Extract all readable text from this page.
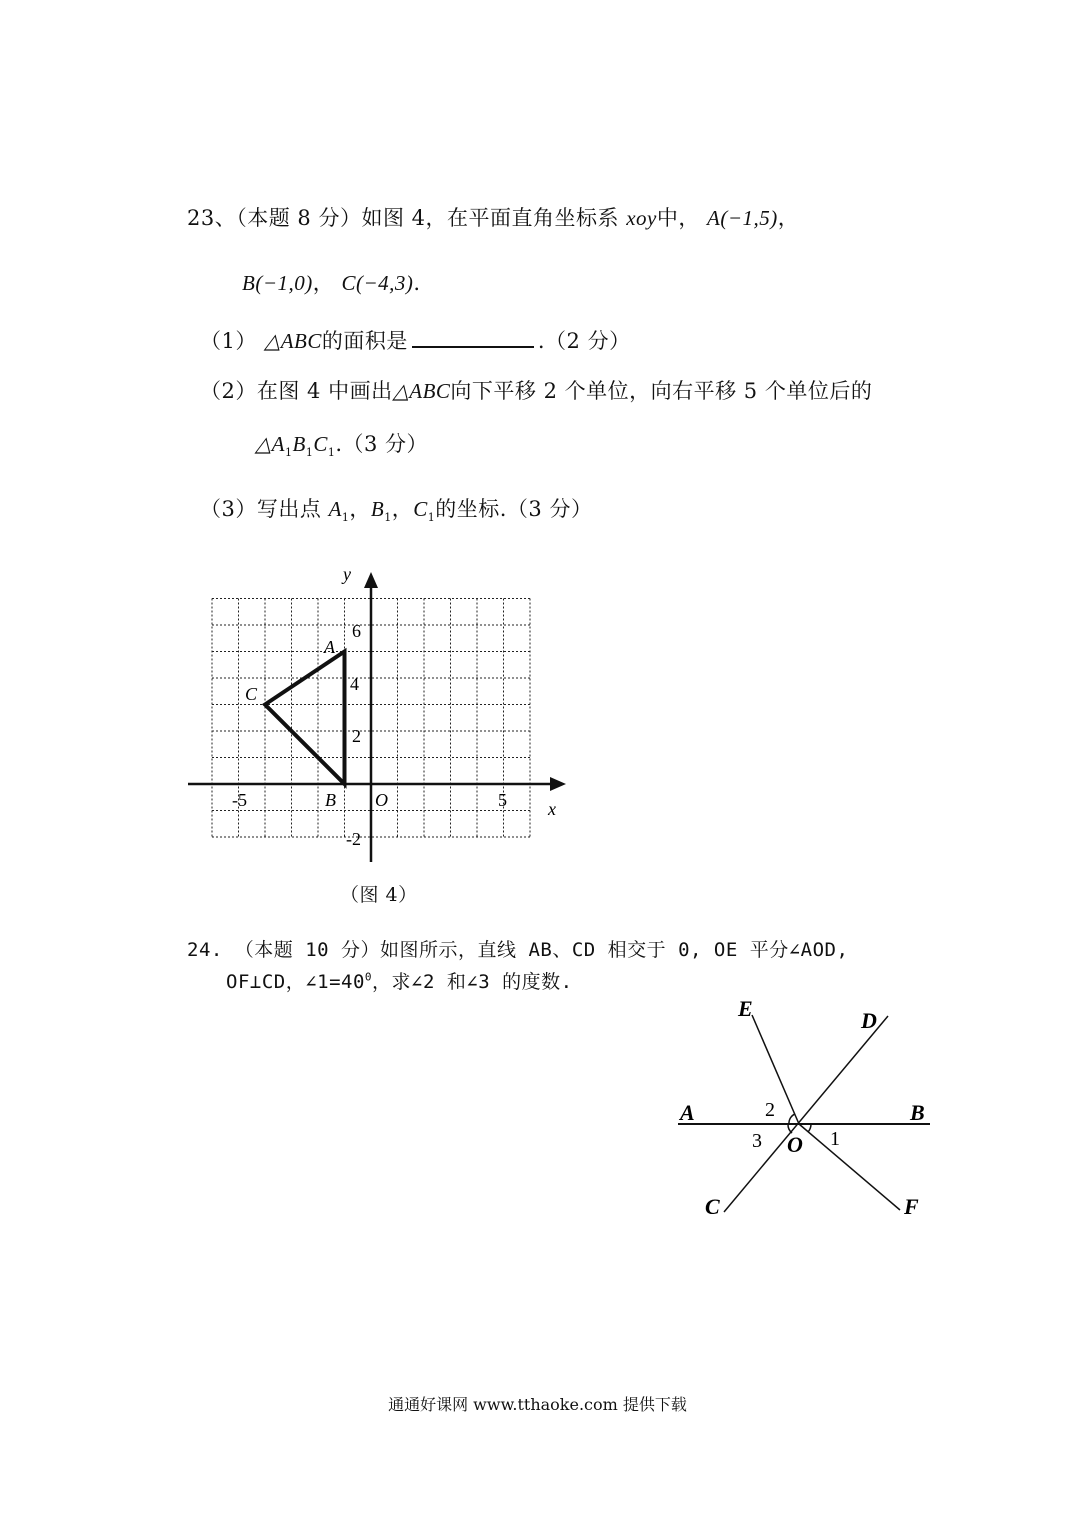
23、（本题 8 分）如图 4，在平面直角坐标系 xoy中， A(−1,5)，
B(−1,0)， C(−4,3).
（1） △ABC的面积是	.（2 分）
（2）在图 4 中画出△ABC向下平移 2 个单位，向右平移 5 个单位后的
$\triangle A_1B_1C_1.(3$ 分）
（3）写出点 $A_1$，$B_1$，$C_1$的坐标.（3 分）
y
x
O
-5	5
6
4
2
-2
A
B
C
（图 4）
24. （本题 10 分）如图所示，直线 AB、CD 相交于 0, OE 平分∠AOD,
OF⊥CD，$\angle 1=40^0$，求∠2 和∠3 的度数.
E	D
A	B
C	F
O 1
2
3
通通好课网 www.tthaoke.com 提供下载
